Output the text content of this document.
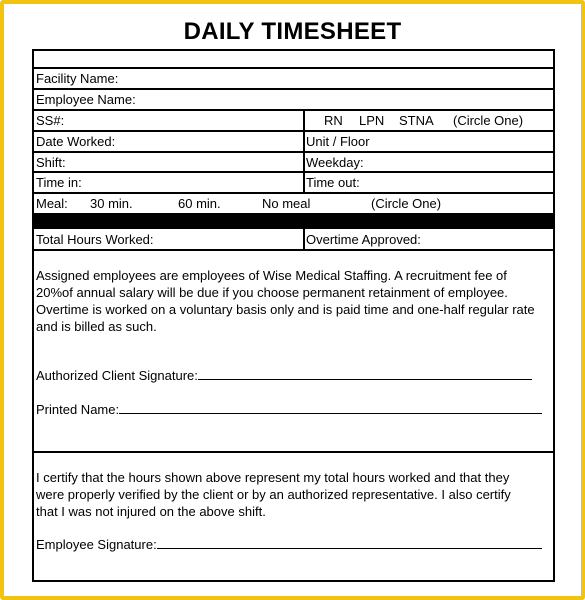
DAILY TIMESHEET
Facility Name:
Employee Name:
SS#:	RN LPN STNA (Circle One)
Date Worked:	Unit / Floor
Shift:	Weekday:
Time in:	Time out:
Meal: 30 min.	60 min.	No meal	(Circle One)
Total Hours Worked:	Overtime Approved:
Assigned employees are employees of Wise Medical Staffing. A recruitment fee of
20%of annual salary will be due if you choose permanent retainment of employee.
Overtime is worked on a voluntary basis only and is paid time and one-half regular rate
and is billed as such.
Authorized Client Signature:
Printed Name:
I certify that the hours shown above represent my total hours worked and that they
were properly verified by the client or by an authorized representative. I also certify
that I was not injured on the above shift.
Employee Signature:
